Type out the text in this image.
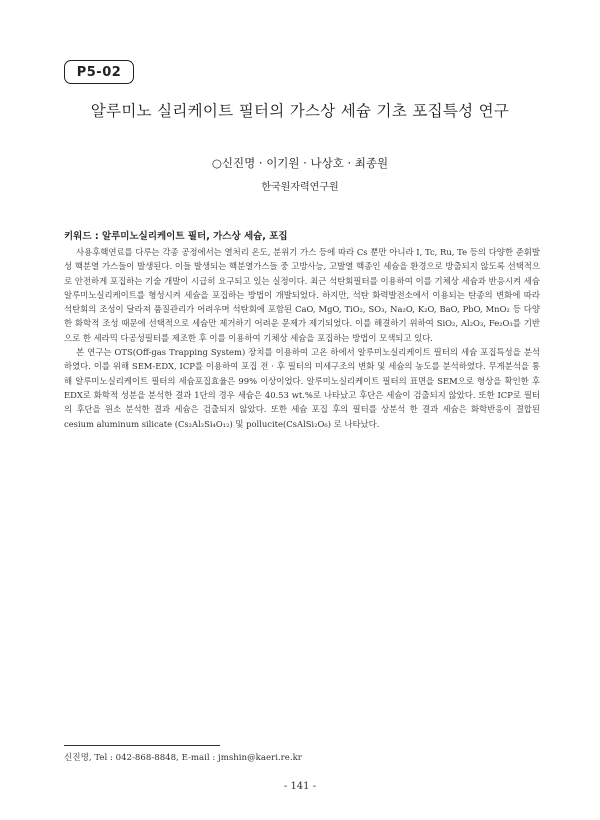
P5-02
알루미노 실리케이트 필터의 가스상 세슘 기초 포집특성 연구
○신진명 · 이기원 · 나상호 · 최종원
한국원자력연구원
키워드 : 알루미노실리케이트 필터, 가스상 세슘, 포집

사용후핵연료를 다루는 각종 공정에서는 열처리 온도, 분위기 가스 등에 따라 Cs 뿐만 아니라 I, Tc, Ru, Te 등의 다양한 준휘발성 핵분열 가스들이 발생된다. 이들 발생되는 핵분열가스들 중 고방사능, 고발열 핵종인 세슘을 환경으로 방출되지 않도록 선택적으로 안전하게 포집하는 기술 개발이 시급히 요구되고 있는 실정이다. 최근 석탄회필터를 이용하여 이를 기체상 세슘과 반응시켜 세슘알루미노실리케이트를 형성시켜 세슘을 포집하는 방법이 개발되었다. 하지만, 석탄 화력발전소에서 이용되는 탄종의 변화에 따라 석탄회의 조성이 달라져 품질관리가 어려우며 석탄회에 포함된 CaO, MgO, TiO₂, SO₃, Na₂O, K₂O, BaO, PbO, MnO₂ 등 다양한 화학적 조성 때문에 선택적으로 세슘만 제거하기 어려운 문제가 제기되었다. 이를 해결하기 위하여 SiO₂, Al₂O₃, Fe₂O₃를 기반으로 한 세라믹 다공성필터를 제조한 후 이를 이용하여 기체상 세슘을 포집하는 방법이 모색되고 있다.

본 연구는 OTS(Off-gas Trapping System) 장치를 이용하여 고온 하에서 알루미노실리케이트 필터의 세슘 포집특성을 분석하였다. 이를 위해 SEM-EDX, ICP를 이용하여 포집 전 · 후 필터의 미세구조의 변화 및 세슘의 농도를 분석하였다. 무게분석을 통해 알루미노실리케이트 필터의 세슘포집효율은 99% 이상이었다. 알루미노실리케이트 필터의 표면을 SEM으로 형상을 확인한 후 EDX로 화학적 성분을 분석한 결과 1단의 경우 세슘은 40.53 wt.%로 나타났고 후단은 세슘이 검출되지 않았다. 또한 ICP로 필터의 후단을 원소 분석한 결과 세슘은 검출되지 않았다. 또한 세슘 포집 후의 필터를 상분석 한 결과 세슘은 화학반응이 결합된 cesium aluminum silicate (Cs₂Al₂Si₄O₁₂) 및 pollucite(CsAlSi₂O₆) 로 나타났다.

신진명, Tel : 042-868-8848, E-mail : jmshin@kaeri.re.kr
- 141 -
